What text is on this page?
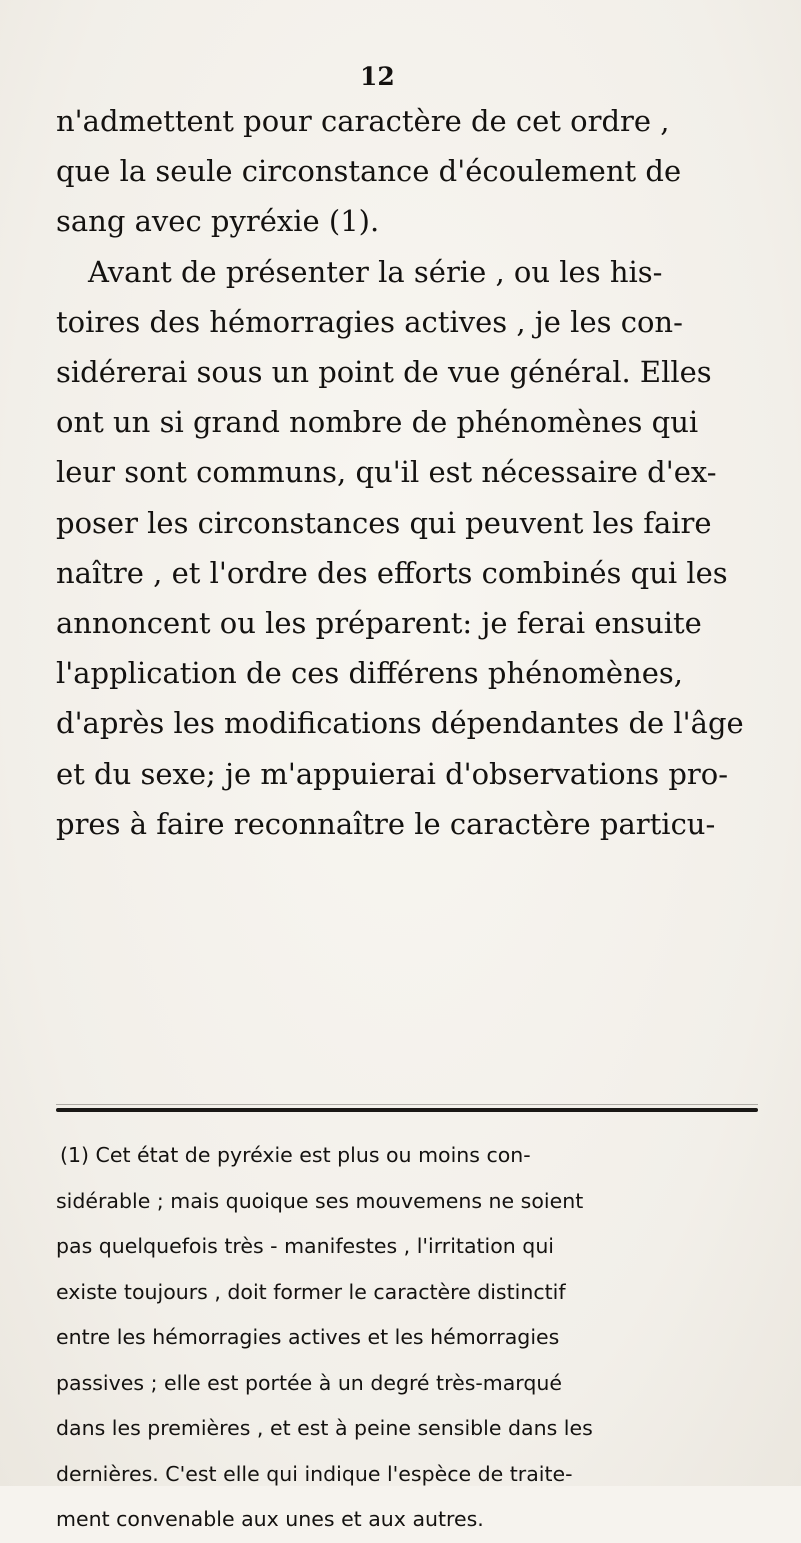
12
n'admettent pour caractère de cet ordre ,
que la seule circonstance d'écoulement de
sang avec pyréxie (1).
Avant de présenter la série , ou les his-
toires des hémorragies actives , je les con-
sidérerai sous un point de vue général. Elles
ont un si grand nombre de phénomènes qui
leur sont communs, qu'il est nécessaire d'ex-
poser les circonstances qui peuvent les faire
naître , et l'ordre des efforts combinés qui les
annoncent ou les préparent: je ferai ensuite
l'application de ces différens phénomènes,
d'après les modifications dépendantes de l'âge
et du sexe; je m'appuierai d'observations pro-
pres à faire reconnaître le caractère particu-
(1) Cet état de pyréxie est plus ou moins con-
sidérable ; mais quoique ses mouvemens ne soient
pas quelquefois très - manifestes , l'irritation qui
existe toujours , doit former le caractère distinctif
entre les hémorragies actives et les hémorragies
passives ; elle est portée à un degré très-marqué
dans les premières , et est à peine sensible dans les
dernières. C'est elle qui indique l'espèce de traite-
ment convenable aux unes et aux autres.
